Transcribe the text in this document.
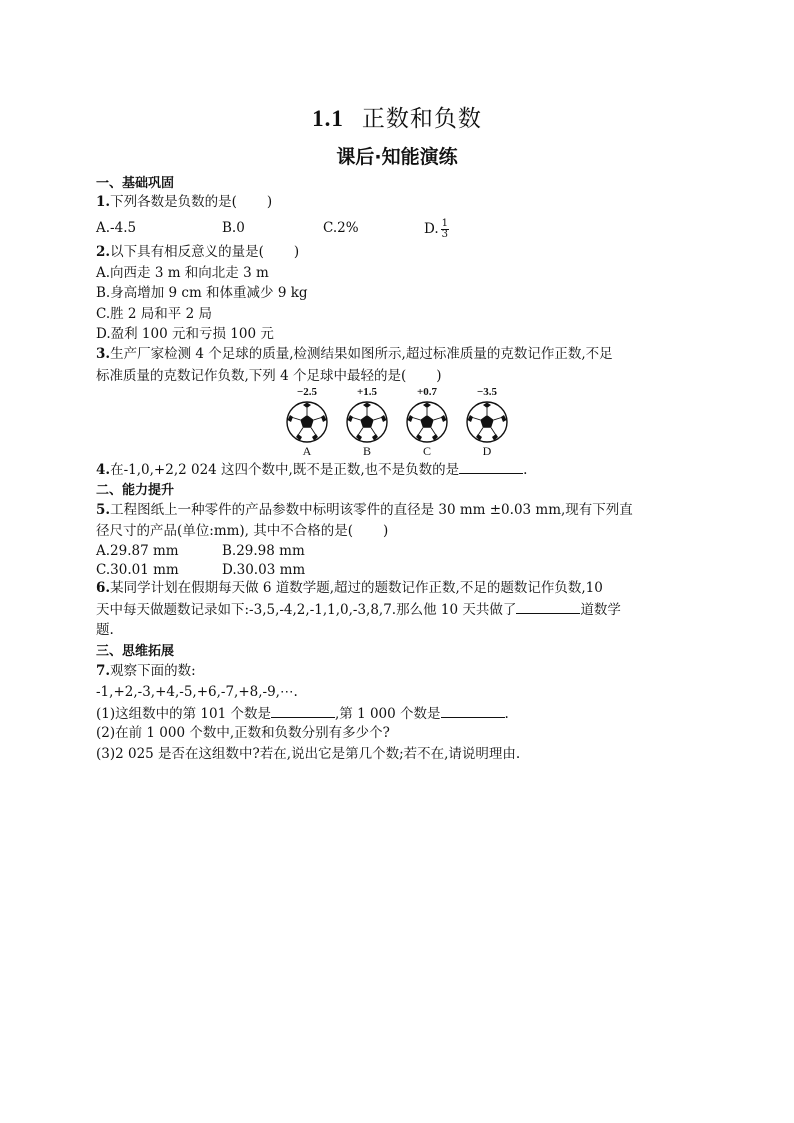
1.1 正数和负数
课后·知能演练
一、基础巩固
1.下列各数是负数的是( )
A.-4.5	B.0	C.2%	D. $\frac{1}{3}$
2.以下具有相反意义的量是( )
A.向西走 3 m 和向北走 3 m
B.身高增加 9 cm 和体重减少 9 kg
C.胜 2 局和平 2 局
D.盈利 100 元和亏损 100 元
3.生产厂家检测 4 个足球的质量,检测结果如图所示,超过标准质量的克数记作正数,不足
标准质量的克数记作负数,下列 4 个足球中最轻的是( )
−2.5
A
+1.5
B
+0.7
C
−3.5
D
4.在-1,0,+2,2 024 这四个数中,既不是正数,也不是负数的是	.
二、能力提升
5.工程图纸上一种零件的产品参数中标明该零件的直径是 30 mm ±0.03 mm,现有下列直
径尺寸的产品(单位:mm), 其中不合格的是( )
A.29.87 mm	B.29.98 mm
C.30.01 mm	D.30.03 mm
6.某同学计划在假期每天做 6 道数学题,超过的题数记作正数,不足的题数记作负数,10
天中每天做题数记录如下:-3,5,-4,2,-1,1,0,-3,8,7.那么他 10 天共做了	道数学
题.
三、思维拓展
7.观察下面的数:
-1,+2,-3,+4,-5,+6,-7,+8,-9,⋯.
(1)这组数中的第 101 个数是	,第 1 000 个数是	.
(2)在前 1 000 个数中,正数和负数分别有多少个?
(3)2 025 是否在这组数中?若在,说出它是第几个数;若不在,请说明理由.
